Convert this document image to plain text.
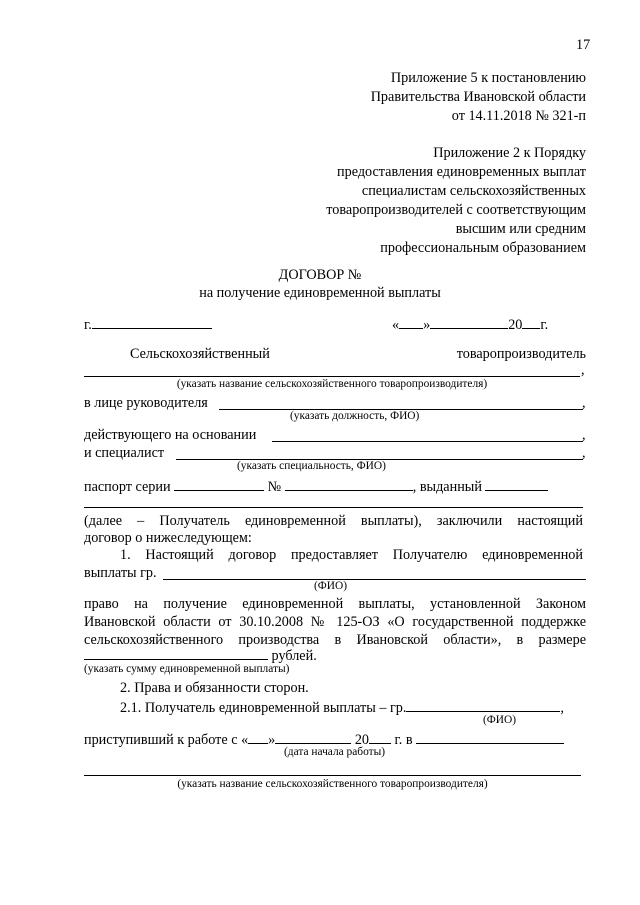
17
Приложение 5 к постановлению
Правительства Ивановской области
от 14.11.2018 № 321-п
Приложение 2 к Порядку
предоставления единовременных выплат
специалистам сельскохозяйственных
товаропроизводителей с соответствующим
высшим или средним
профессиональным образованием
ДОГОВОР №
на получение единовременной выплаты
г.	« »	20 г.
Сельскохозяйственный	товаропроизводитель
,
(указать название сельскохозяйственного товаропроизводителя)
в лице руководителя	,
(указать должность, ФИО)
действующего на основании	,
и специалист	,
(указать специальность, ФИО)
паспорт серии	№	, выданный
(далее – Получатель единовременной выплаты), заключили настоящий
договор о нижеследующем:
1. Настоящий договор предоставляет Получателю единовременной
выплаты гр.
(ФИО)
право на получение единовременной выплаты, установленной Законом
Ивановской области от 30.10.2008 № 125-ОЗ «О государственной поддержке
сельскохозяйственного производства в Ивановской области», в размере
рублей.
(указать сумму единовременной выплаты)
2. Права и обязанности сторон.
2.1. Получатель единовременной выплаты – гр.	,
(ФИО)
приступивший к работе с « »	20 г. в
(дата начала работы)
(указать название сельскохозяйственного товаропроизводителя)
